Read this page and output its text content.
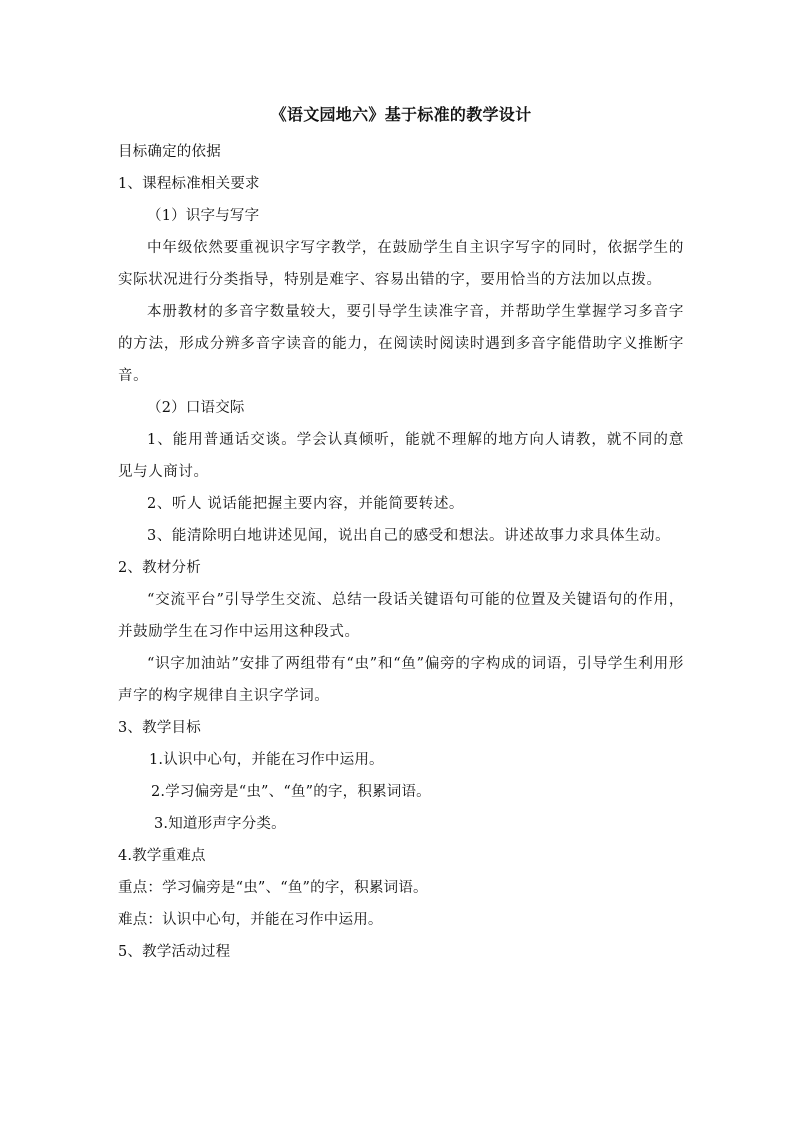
《语文园地六》基于标准的教学设计

目标确定的依据

1、课程标准相关要求

（1）识字与写字

中年级依然要重视识字写字教学，在鼓励学生自主识字写字的同时，依据学生的实际状况进行分类指导，特别是难字、容易出错的字，要用恰当的方法加以点拨。

本册教材的多音字数量较大，要引导学生读准字音，并帮助学生掌握学习多音字的方法，形成分辨多音字读音的能力，在阅读时阅读时遇到多音字能借助字义推断字音。

（2）口语交际

1、能用普通话交谈。学会认真倾听，能就不理解的地方向人请教，就不同的意见与人商讨。

2、听人 说话能把握主要内容，并能简要转述。

3、能清除明白地讲述见闻，说出自己的感受和想法。讲述故事力求具体生动。

2、教材分析

“交流平台”引导学生交流、总结一段话关键语句可能的位置及关键语句的作用，并鼓励学生在习作中运用这种段式。

“识字加油站”安排了两组带有“虫”和“鱼”偏旁的字构成的词语，引导学生利用形声字的构字规律自主识字学词。

3、教学目标

1.认识中心句，并能在习作中运用。

2.学习偏旁是“虫”、“鱼”的字，积累词语。

3.知道形声字分类。

4.教学重难点

重点：学习偏旁是“虫”、“鱼”的字，积累词语。

难点：认识中心句，并能在习作中运用。

5、教学活动过程
